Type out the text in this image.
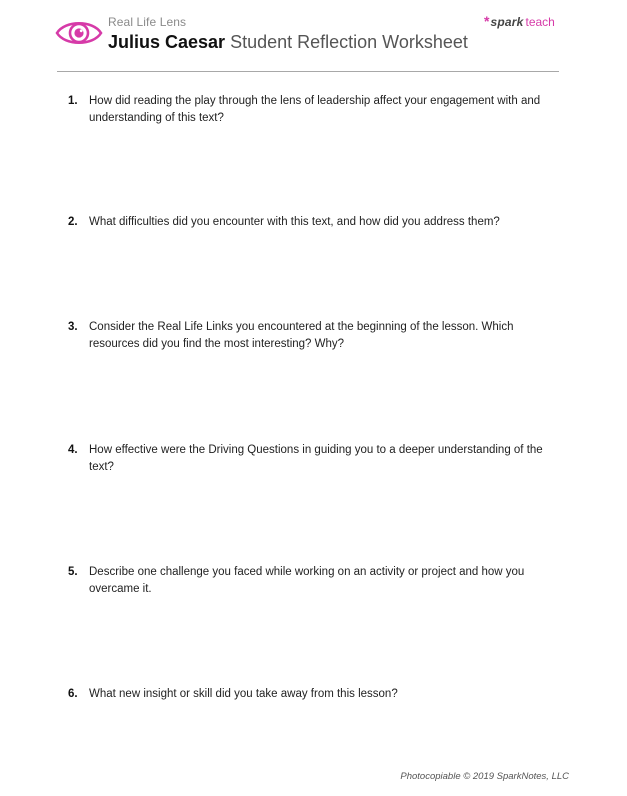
Real Life Lens
Julius Caesar Student Reflection Worksheet
*spark teach
1. How did reading the play through the lens of leadership affect your engagement with and understanding of this text?
2. What difficulties did you encounter with this text, and how did you address them?
3. Consider the Real Life Links you encountered at the beginning of the lesson. Which resources did you find the most interesting? Why?
4. How effective were the Driving Questions in guiding you to a deeper understanding of the text?
5. Describe one challenge you faced while working on an activity or project and how you overcame it.
6. What new insight or skill did you take away from this lesson?
Photocopiable © 2019 SparkNotes, LLC
